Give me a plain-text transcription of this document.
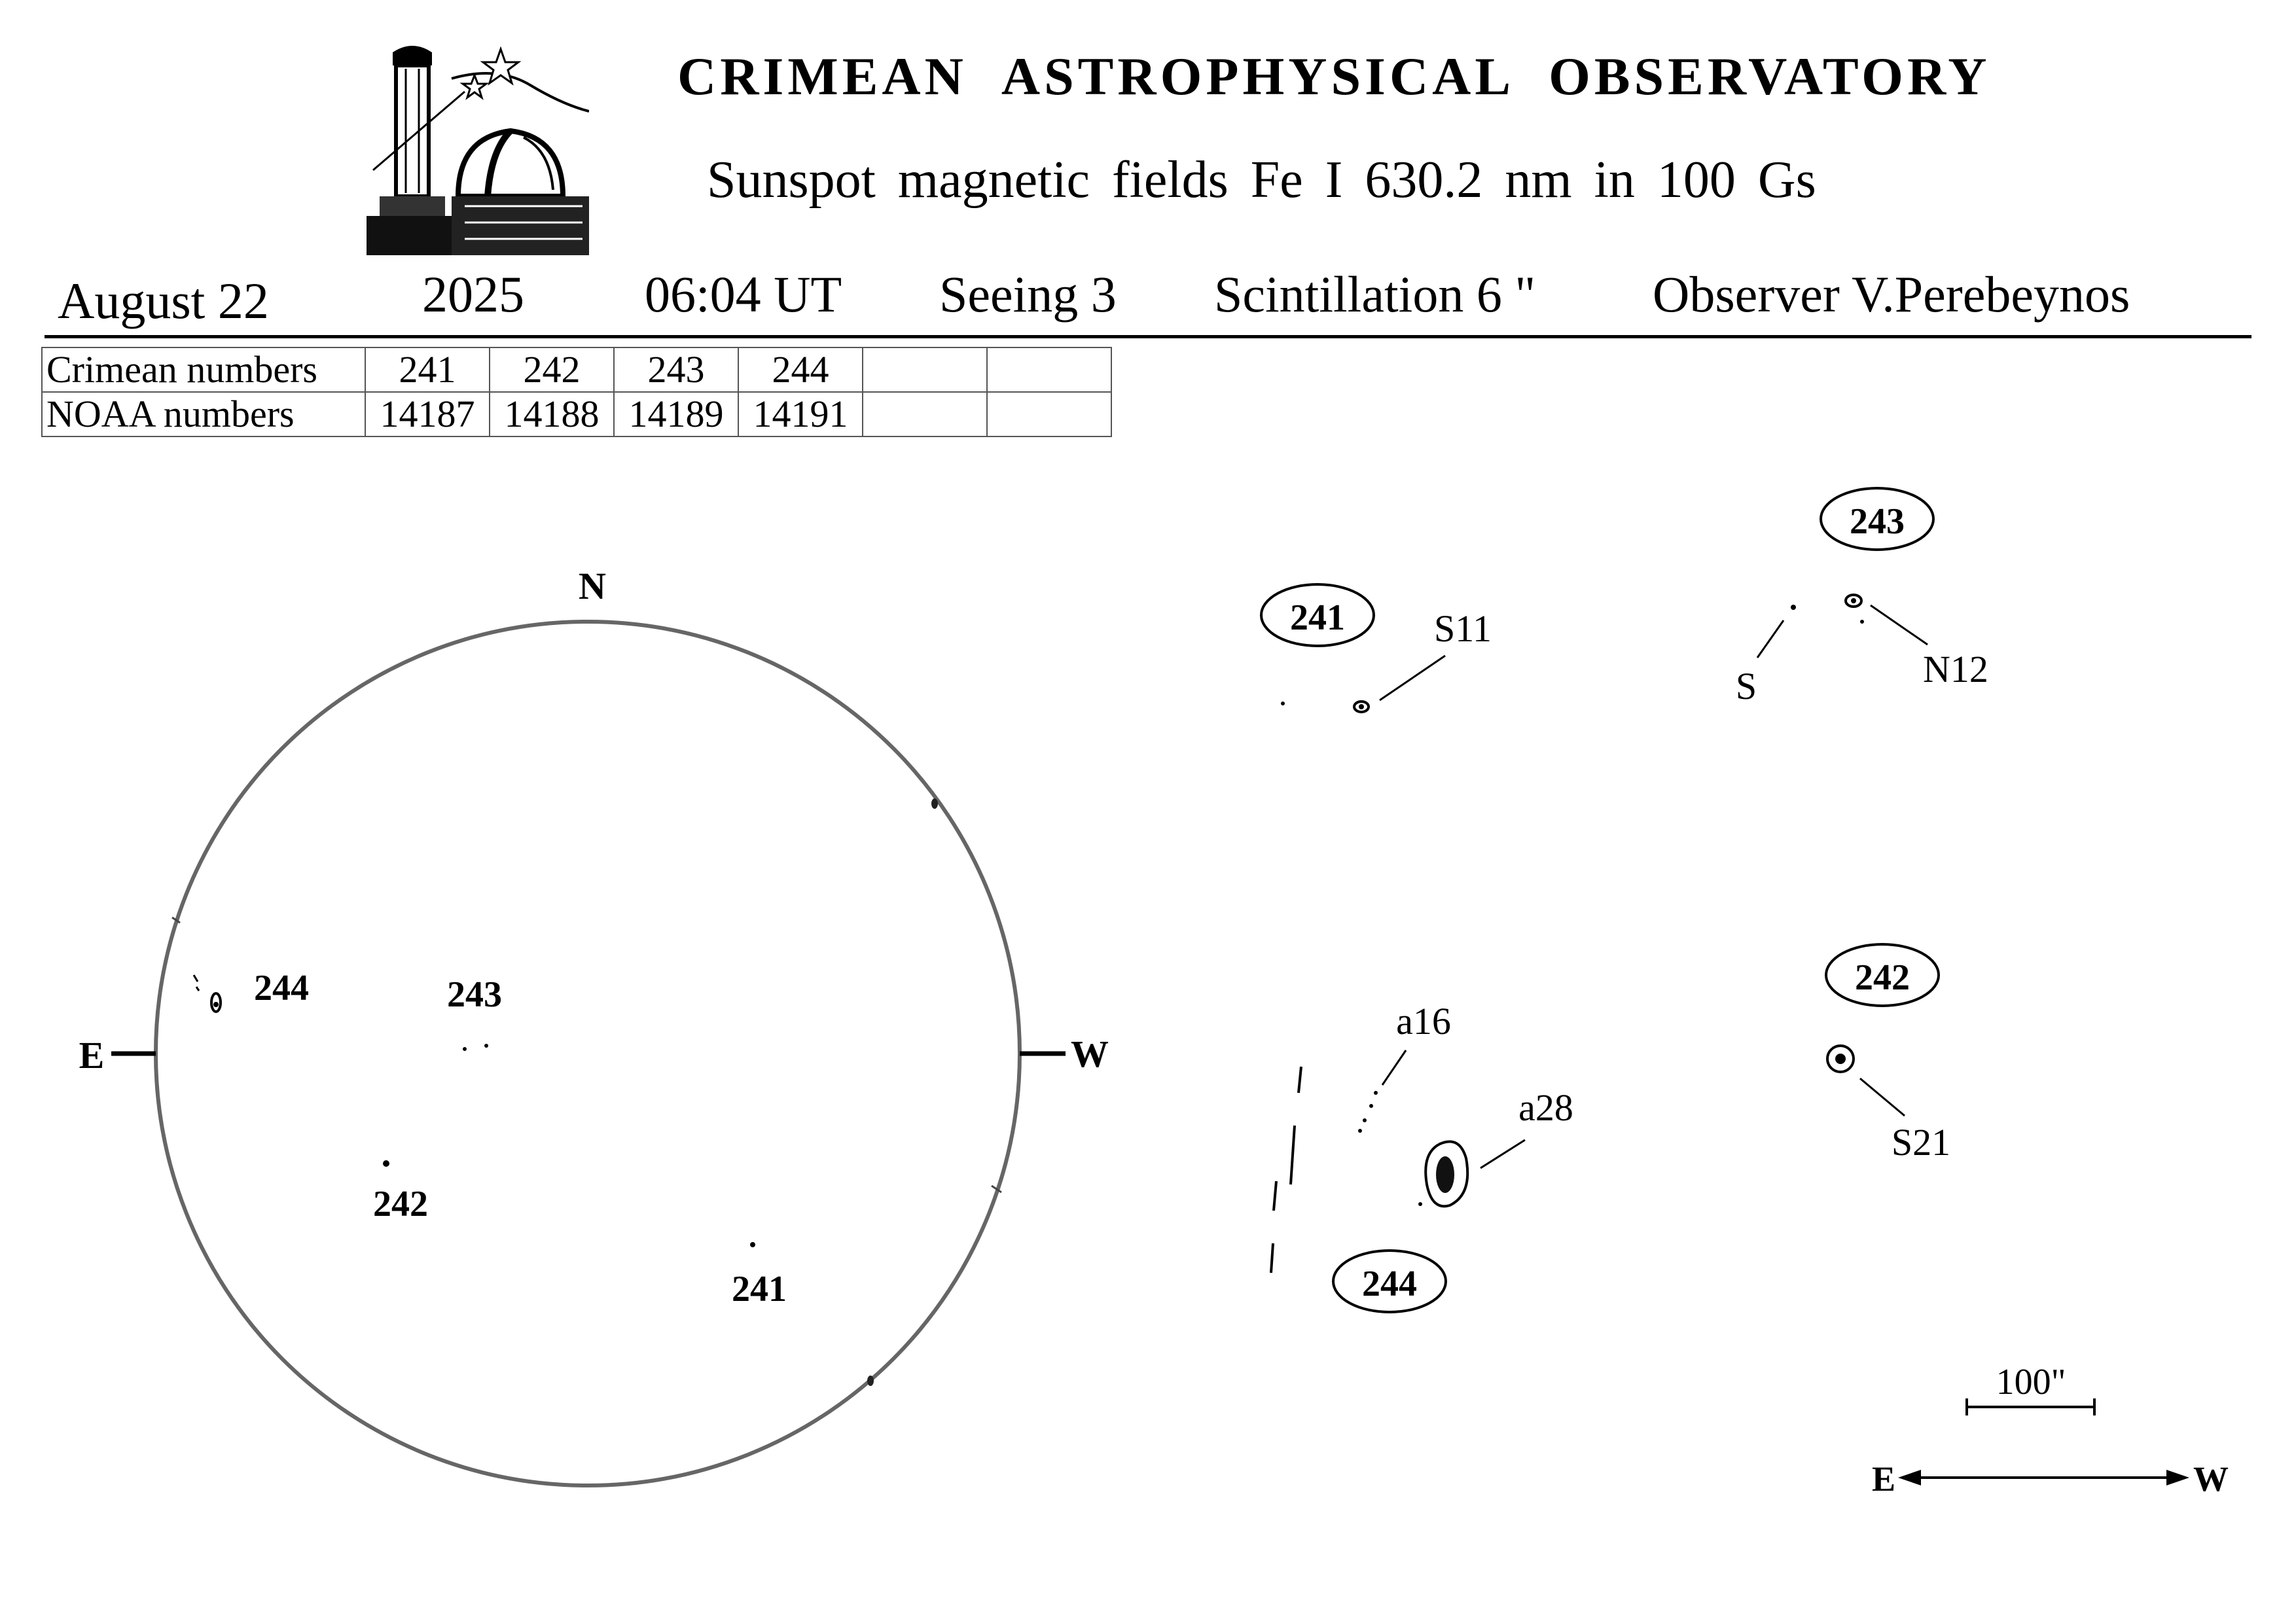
CRIMEAN ASTROPHYSICAL OBSERVATORY
Sunspot magnetic fields Fe I 630.2 nm in 100 Gs
August 22	2025 06:04 UT Seeing 3 Scintillation 6 " Observer V.Perebeynos
Crimean numbers	241	242	243	244		
NOAA numbers	14187	14188	14189	14191		
N
E	W
244	243
242
241
241 S11
243
S	N12
a16
a28
244
242
S21
100"
E	W
